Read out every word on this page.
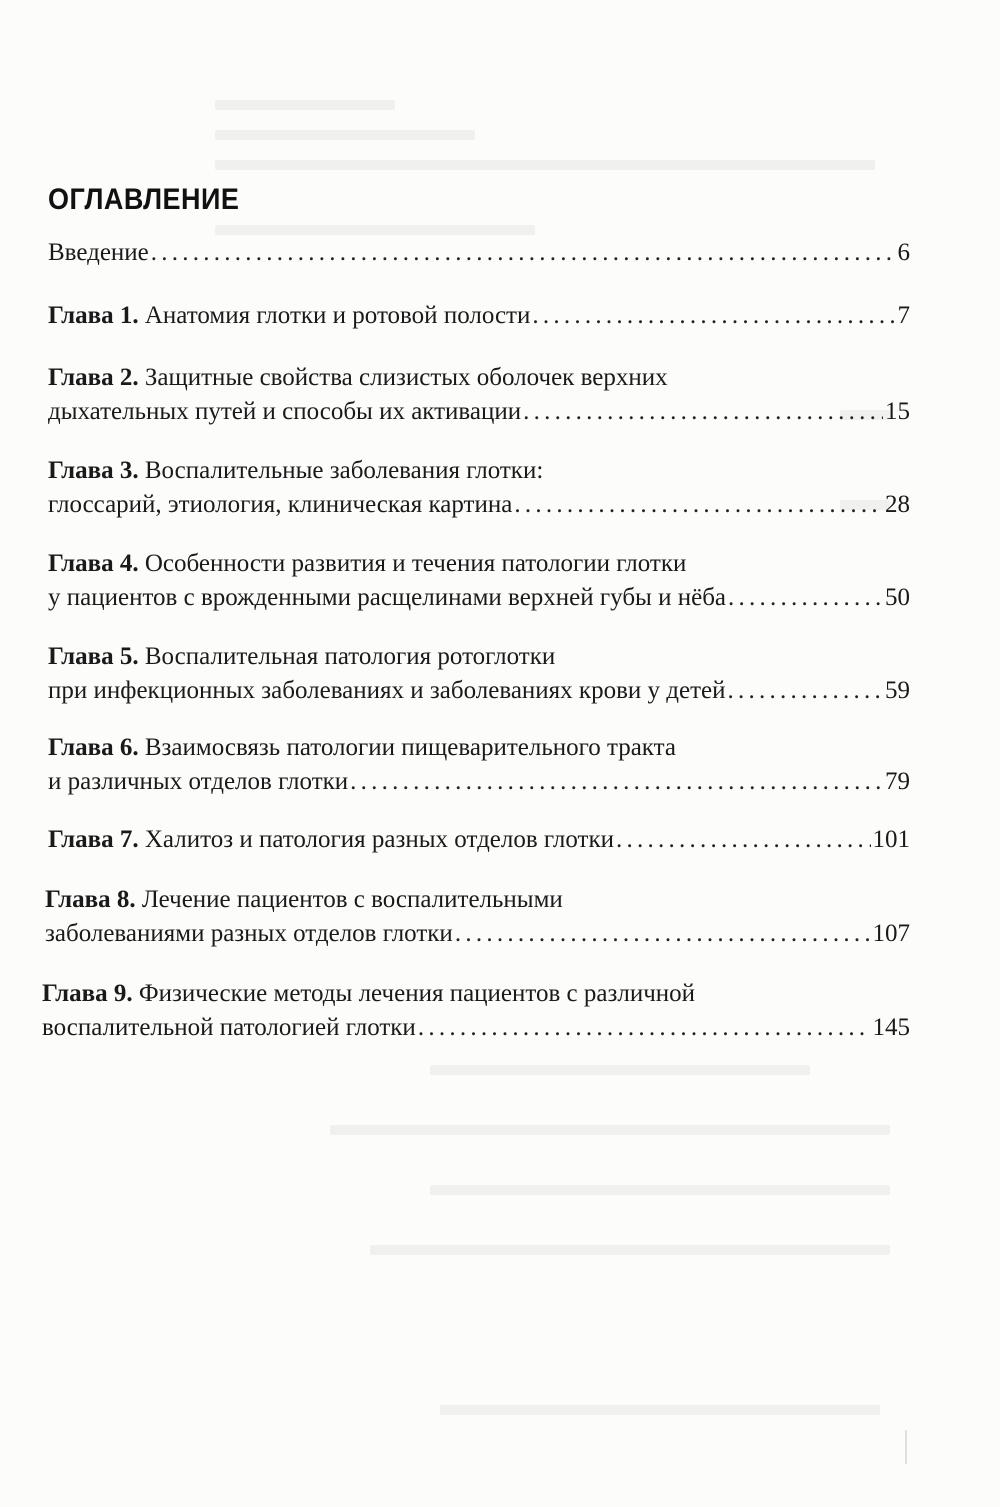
ОГЛАВЛЕНИЕ
Введение . . .	6
Глава 1. Анатомия глотки и ротовой полости . . .	7
Глава 2. Защитные свойства слизистых оболочек верхних
дыхательных путей и способы их активации . . .	15
Глава 3. Воспалительные заболевания глотки:
глоссарий, этиология, клиническая картина . . .	28
Глава 4. Особенности развития и течения патологии глотки
у пациентов с врожденными расщелинами верхней губы и нёба . . .	50
Глава 5. Воспалительная патология ротоглотки
при инфекционных заболеваниях и заболеваниях крови у детей . . .	59
Глава 6. Взаимосвязь патологии пищеварительного тракта
и различных отделов глотки . . .	79
Глава 7. Халитоз и патология разных отделов глотки . . .	101
Глава 8. Лечение пациентов с воспалительными
заболеваниями разных отделов глотки . . .	107
Глава 9. Физические методы лечения пациентов с различной
воспалительной патологией глотки . . .	145
